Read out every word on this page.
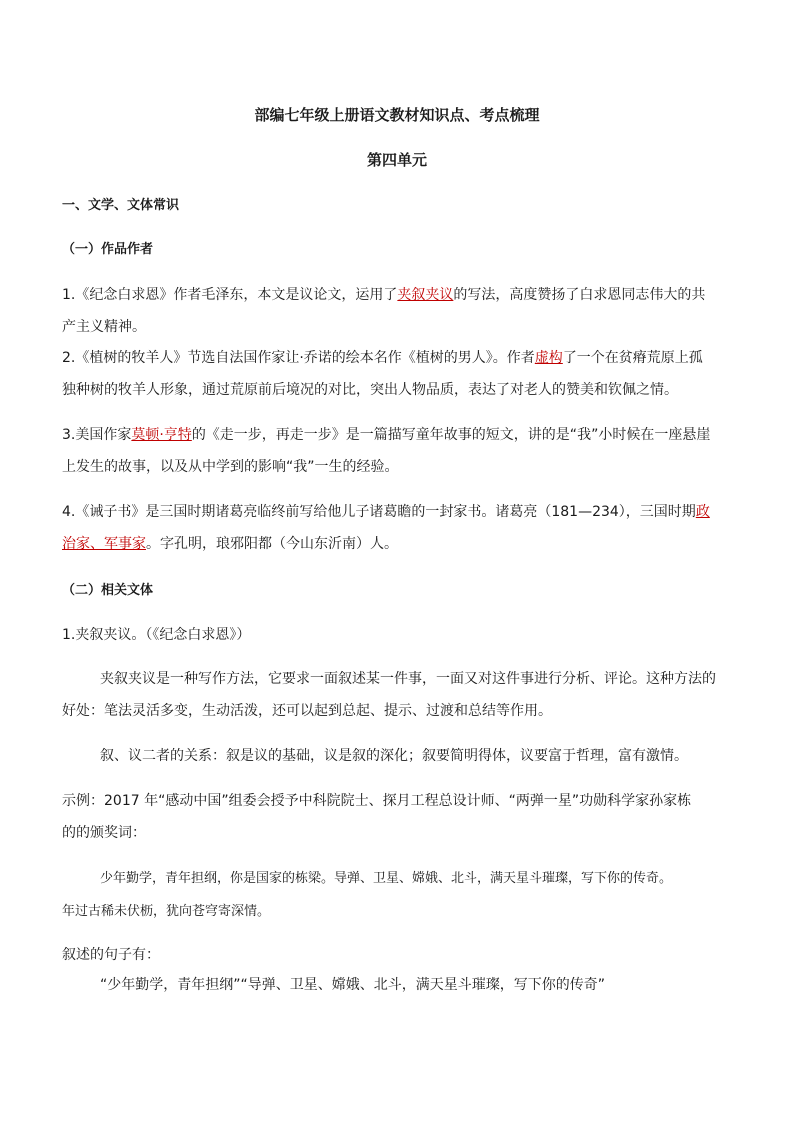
部编七年级上册语文教材知识点、考点梳理
第四单元
一、文学、文体常识
（一）作品作者
1.《纪念白求恩》作者毛泽东，本文是议论文，运用了夹叙夹议的写法，高度赞扬了白求恩同志伟大的共
产主义精神。
2.《植树的牧羊人》节选自法国作家让·乔诺的绘本名作《植树的男人》。作者虚构了一个在贫瘠荒原上孤
独种树的牧羊人形象，通过荒原前后境况的对比，突出人物品质，表达了对老人的赞美和钦佩之情。
3.美国作家莫顿·亨特的《走一步，再走一步》是一篇描写童年故事的短文，讲的是“我”小时候在一座悬崖
上发生的故事，以及从中学到的影响“我”一生的经验。
4.《诫子书》是三国时期诸葛亮临终前写给他儿子诸葛瞻的一封家书。诸葛亮（181—234），三国时期政
治家、军事家。字孔明，琅邪阳都（今山东沂南）人。
（二）相关文体
1.夹叙夹议。（《纪念白求恩》）
夹叙夹议是一种写作方法，它要求一面叙述某一件事，一面又对这件事进行分析、评论。这种方法的
好处：笔法灵活多变，生动活泼，还可以起到总起、提示、过渡和总结等作用。
叙、议二者的关系：叙是议的基础，议是叙的深化；叙要简明得体，议要富于哲理，富有激情。
示例：2017 年“感动中国”组委会授予中科院院士、探月工程总设计师、“两弹一星”功勋科学家孙家栋
的的颁奖词：
少年勤学，青年担纲，你是国家的栋梁。导弹、卫星、嫦娥、北斗，满天星斗璀璨，写下你的传奇。
年过古稀未伏枥，犹向苍穹寄深情。
叙述的句子有：
“少年勤学，青年担纲”“导弹、卫星、嫦娥、北斗，满天星斗璀璨，写下你的传奇”
